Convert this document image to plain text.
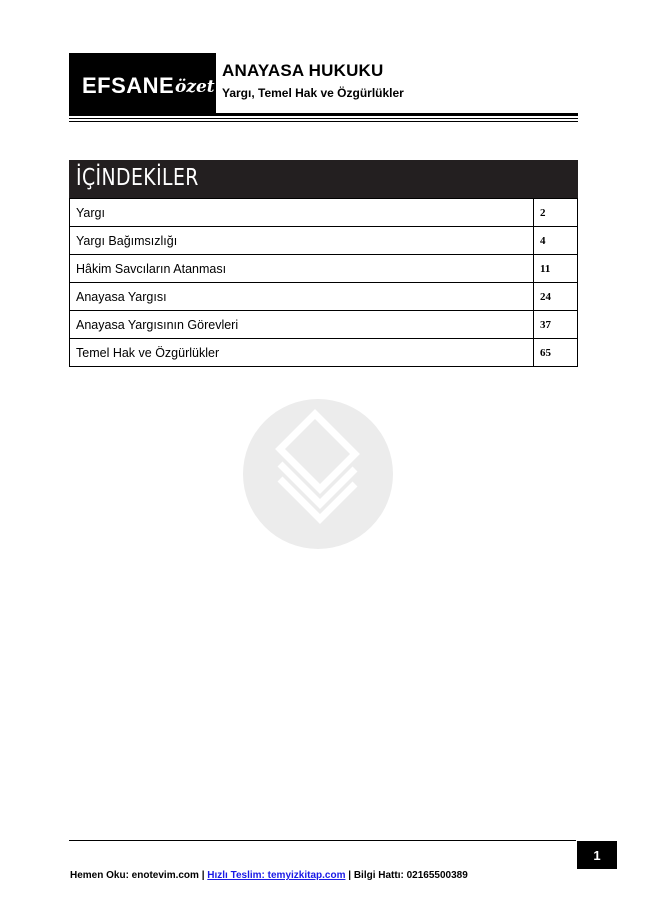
EFSANE özet
ANAYASA HUKUKU
Yargı, Temel Hak ve Özgürlükler
İÇİNDEKİLER
Yargı	2
Yargı Bağımsızlığı	4
Hâkim Savcıların Atanması	11
Anayasa Yargısı	24
Anayasa Yargısının Görevleri	37
Temel Hak ve Özgürlükler	65
1
Hemen Oku: enotevim.com | Hızlı Teslim: temyizkitap.com | Bilgi Hattı: 02165500389
